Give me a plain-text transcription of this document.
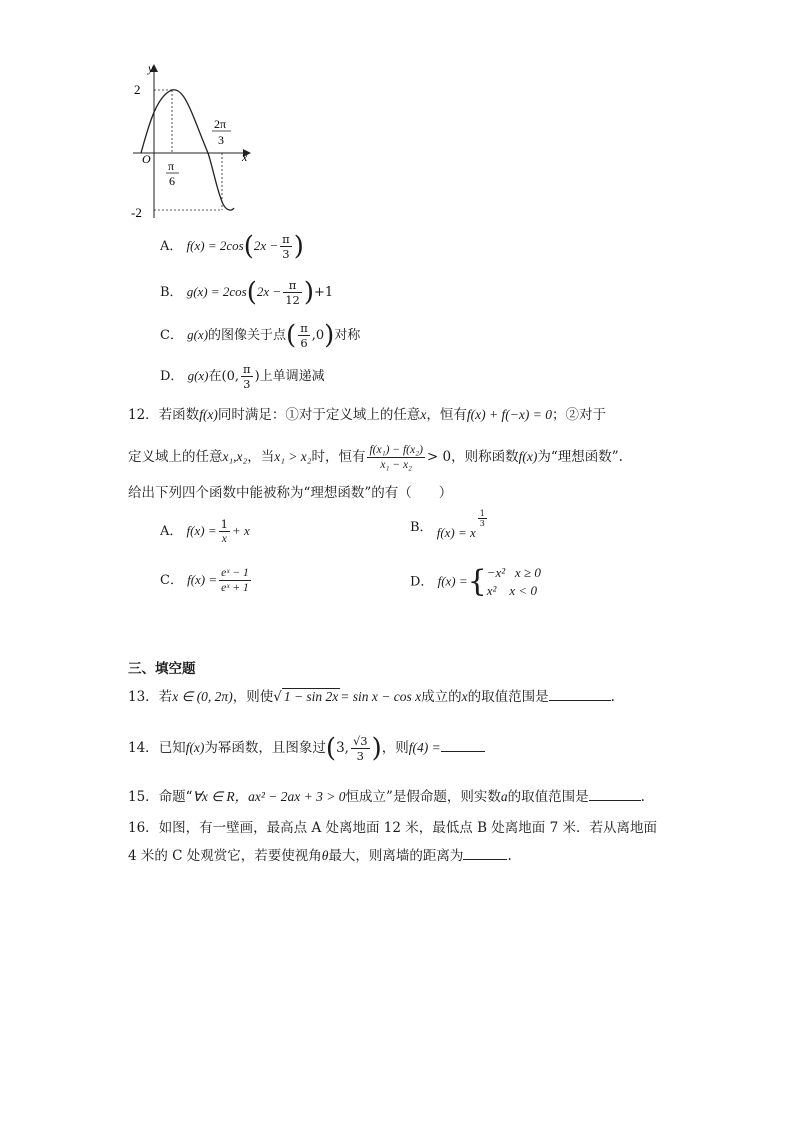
y
x
O
2
-2
π
6
2π
3
A． $f(x) = 2\cos(2x - \frac{\pi}{3}$ )
B． $g(x) = 2\cos(2x - \frac{\pi}{12} )+1$
C． g(x)的图像关于点( $\frac{\pi}{6} ,0$)对称
D． g(x)在(0, $\frac{\pi}{3}$ )上单调递减
12．若函数f(x)同时满足：①对于定义域上的任意x，恒有f(x) + f(−x) = 0；②对于
定义域上的任意x₁,x₂，当x₁ > x₂时，恒有 $\frac{\text{f(x₁) − f(x₂)}}{\text{x₁ − x₂}} > 0$，则称函数f(x)为“理想函数”.
给出下列四个函数中能被称为“理想函数”的有（　　）
A． $f(x) = \frac{1}{x} + x$	B． f(x) = x
$\frac{1}{3}$
C． $f(x) = \frac{\text{eˣ − 1}}{\text{eˣ + 1}}$	D． f(x) ={ −x²   x ≥ 0
x²    x < 0
三、填空题
13．若x ∈ (0, 2π)，则使√ 1 − sin 2x = sin x − cos x成立的x的取值范围是	.
14．已知f(x)为幂函数，且图象过(3, $\frac{√3}{3}$ )，则f(4) =
15．命题“∀x ∈ R，ax² − 2ax + 3 > 0恒成立”是假命题，则实数a的取值范围是	.
16．如图，有一壁画，最高点 A 处离地面 12 米，最低点 B 处离地面 7 米．若从离地面
4 米的 C 处观赏它，若要使视角θ最大，则离墙的距离为	.
